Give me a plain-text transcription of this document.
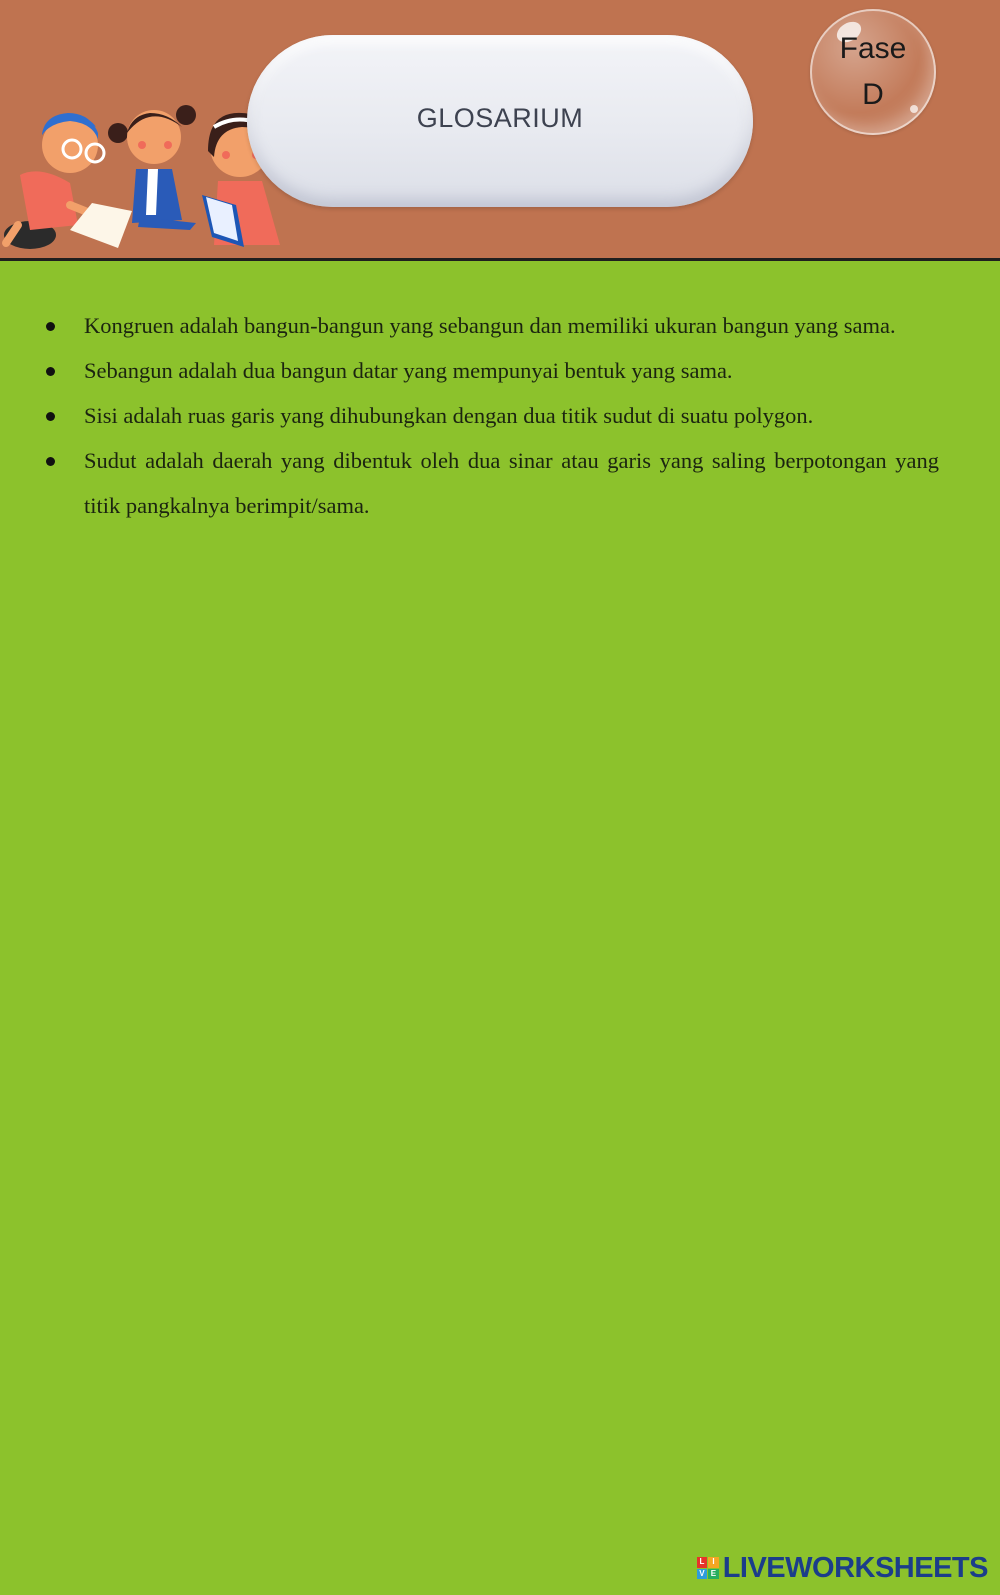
GLOSARIUM
Fase
D
Kongruen adalah bangun-bangun yang sebangun dan memiliki ukuran bangun yang sama.
Sebangun adalah dua bangun datar yang mempunyai bentuk yang sama.
Sisi adalah ruas garis yang dihubungkan dengan dua titik sudut di suatu polygon.
Sudut adalah daerah yang dibentuk oleh dua sinar atau garis yang saling berpotongan yang titik pangkalnya berimpit/sama.
L I
V E LIVEWORKSHEETS
